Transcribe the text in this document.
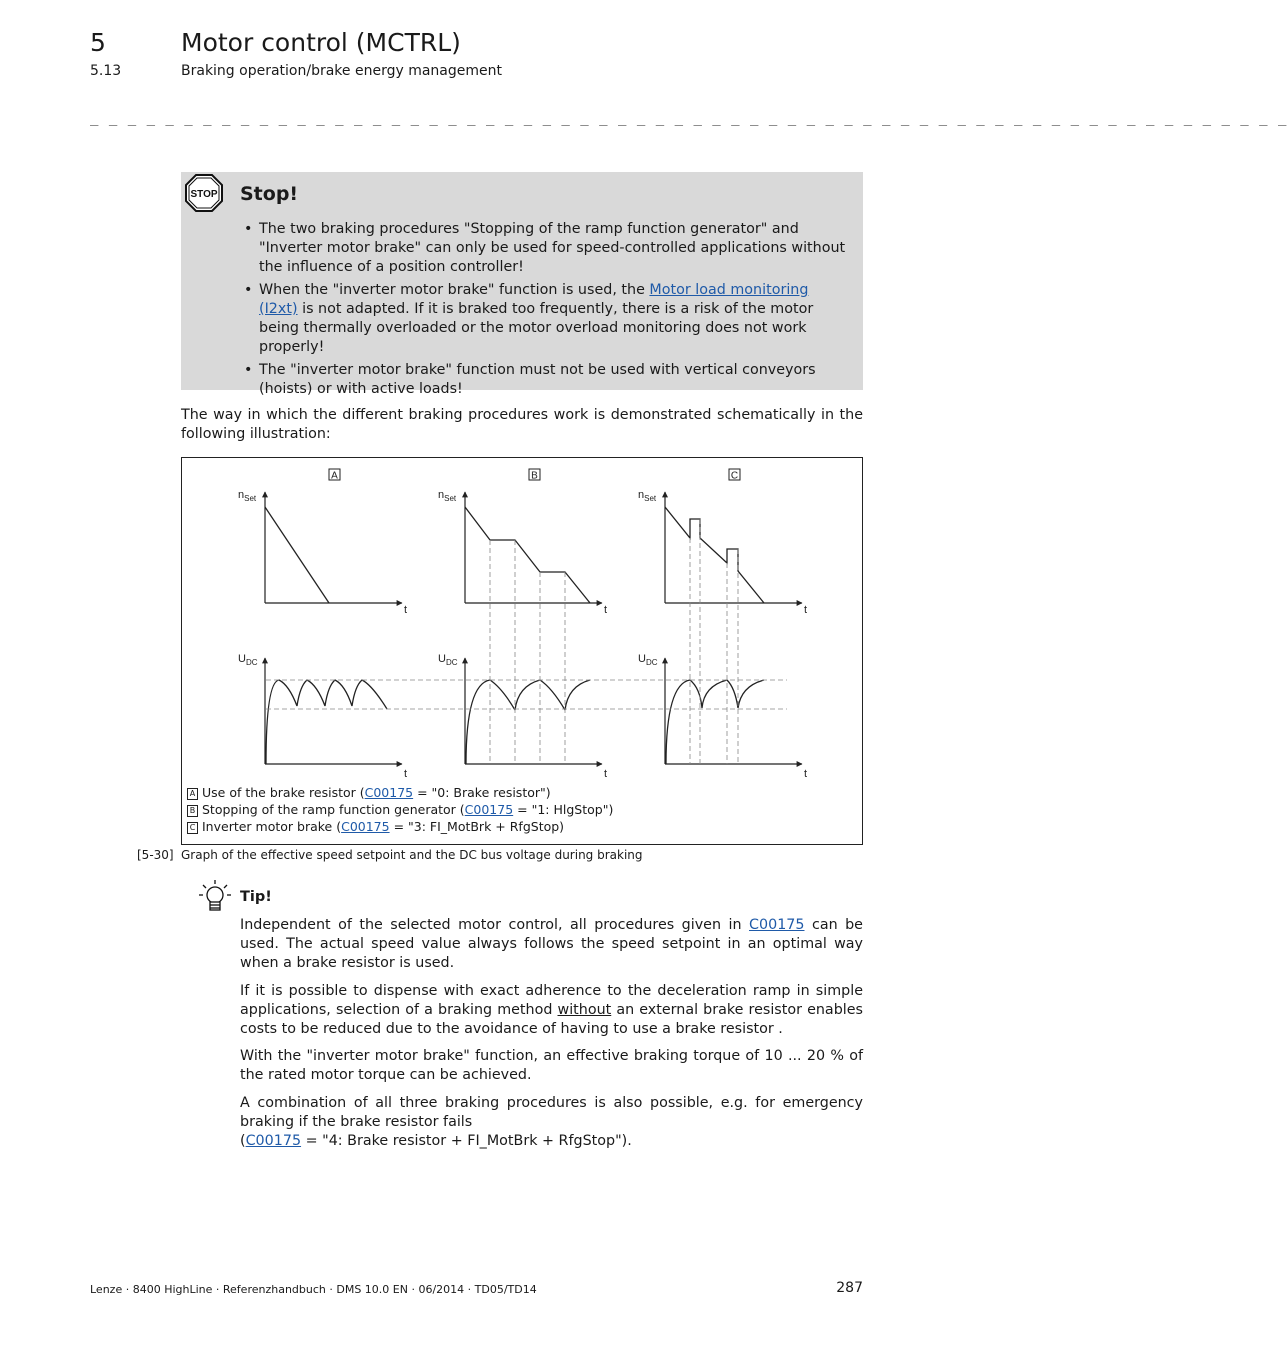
5	Motor control (MCTRL)
5.13	Braking operation/brake energy management
_ _ _ _ _ _ _ _ _ _ _ _ _ _ _ _ _ _ _ _ _ _ _ _ _ _ _ _ _ _ _ _ _ _ _ _ _ _ _ _ _ _ _ _ _ _ _ _ _ _ _ _ _ _ _ _ _ _ _ _ _ _ _ _
STOP Stop!
• The two braking procedures "Stopping of the ramp function generator" and "Inverter motor brake" can only be used for speed-controlled applications without the influence of a position controller!
• When the "inverter motor brake" function is used, the Motor load monitoring (I2xt) is not adapted. If it is braked too frequently, there is a risk of the motor being thermally overloaded or the motor overload monitoring does not work properly!
• The "inverter motor brake" function must not be used with vertical conveyors (hoists) or with active loads!
The way in which the different braking procedures work is demonstrated schematically in the following illustration:
A
$n_{Set}$
$U_{DC}$
t
t
B
$n_{Set}$
$U_{DC}$
t
t
C
$n_{Set}$
$U_{DC}$
t
t
A Use of the brake resistor (C00175 = "0: Brake resistor")
B Stopping of the ramp function generator (C00175 = "1: HlgStop")
C Inverter motor brake (C00175 = "3: FI_MotBrk + RfgStop)
[5-30] Graph of the effective speed setpoint and the DC bus voltage during braking
Tip!
Independent of the selected motor control, all procedures given in C00175 can be used. The actual speed value always follows the speed setpoint in an optimal way when a brake resistor is used.
If it is possible to dispense with exact adherence to the deceleration ramp in simple applications, selection of a braking method without an external brake resistor enables costs to be reduced due to the avoidance of having to use a brake resistor .
With the "inverter motor brake" function, an effective braking torque of 10 ... 20 % of the rated motor torque can be achieved.
A combination of all three braking procedures is also possible, e.g. for emergency braking if the brake resistor fails
(C00175 = "4: Brake resistor + FI_MotBrk + RfgStop").
Lenze · 8400 HighLine · Referenzhandbuch · DMS 10.0 EN · 06/2014 · TD05/TD14	287
